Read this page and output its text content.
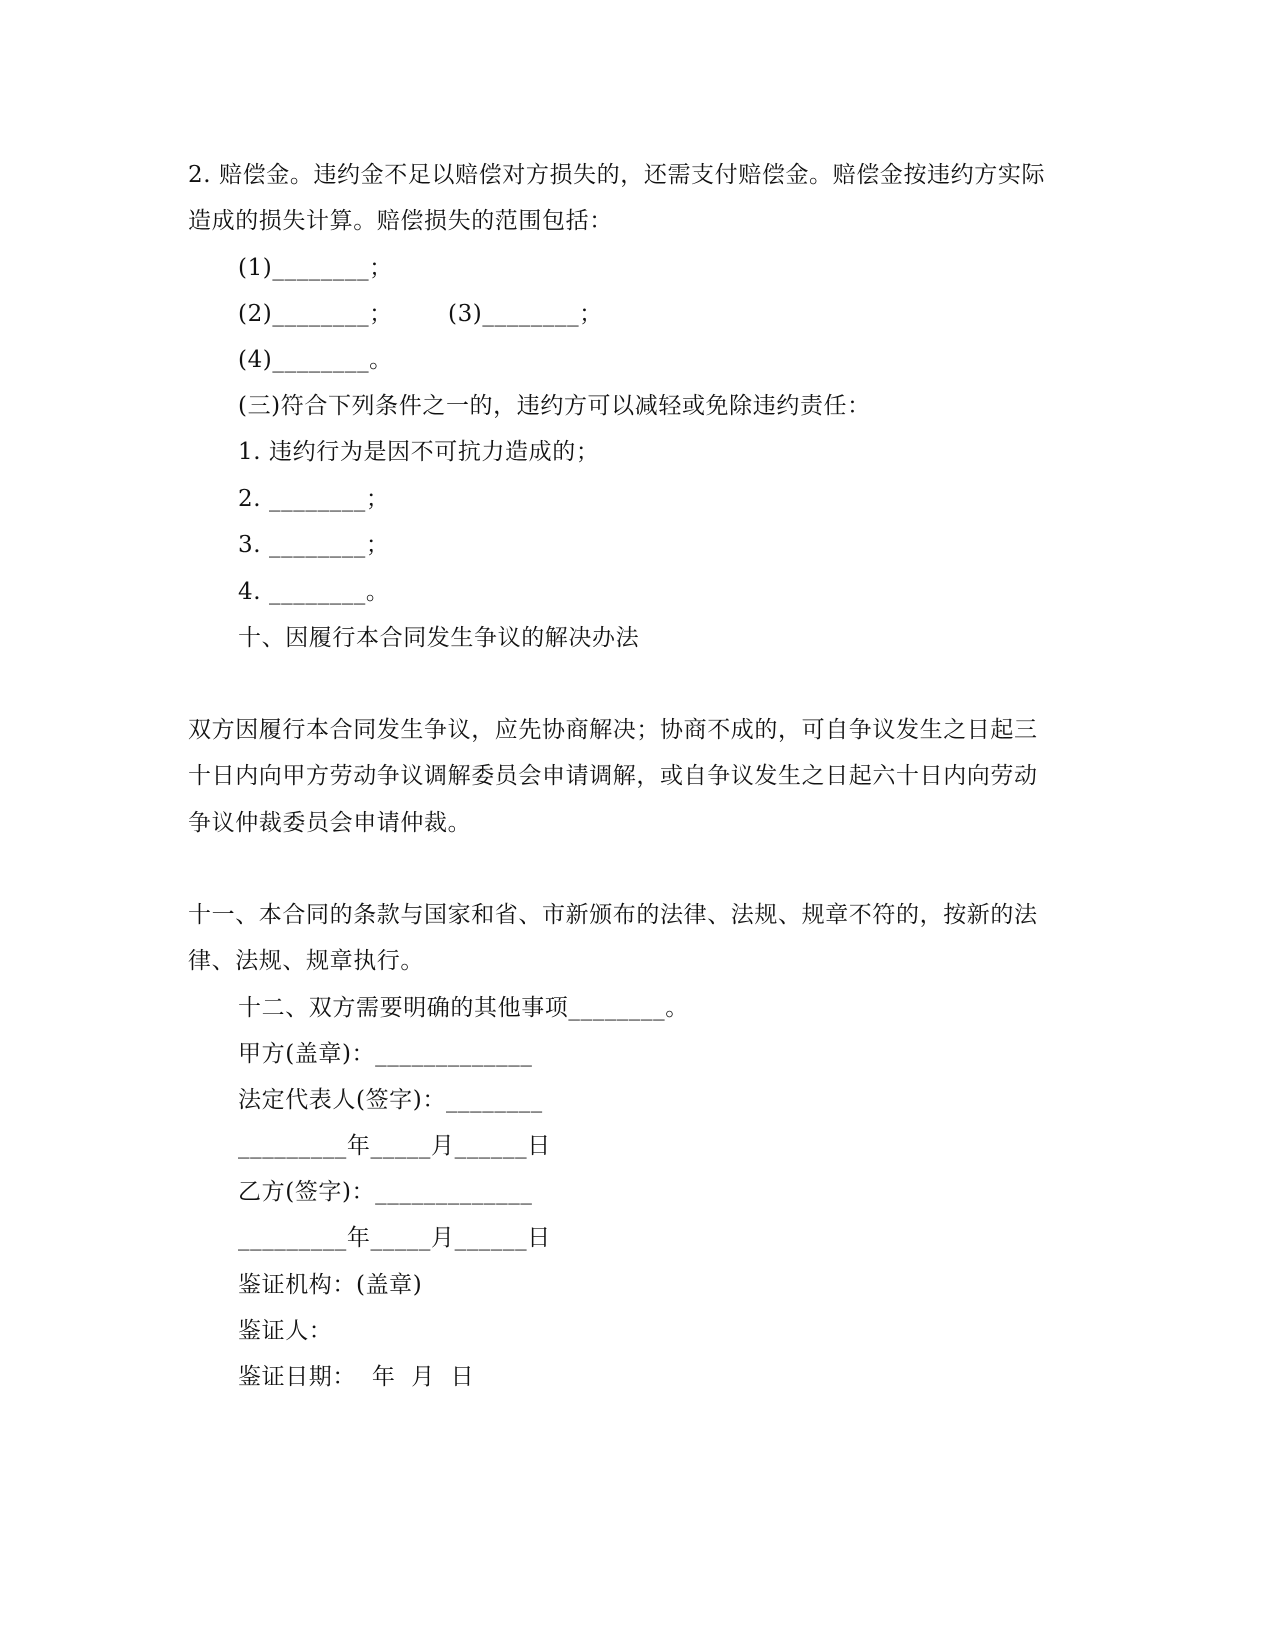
2. 赔偿金。违约金不足以赔偿对方损失的，还需支付赔偿金。赔偿金按违约方实际
造成的损失计算。赔偿损失的范围包括：
(1)________；
(2)________； (3)________；
(4)________。
(三)符合下列条件之一的，违约方可以减轻或免除违约责任：
1. 违约行为是因不可抗力造成的；
2. ________；
3. ________；
4. ________。
十、因履行本合同发生争议的解决办法
双方因履行本合同发生争议，应先协商解决；协商不成的，可自争议发生之日起三
十日内向甲方劳动争议调解委员会申请调解，或自争议发生之日起六十日内向劳动
争议仲裁委员会申请仲裁。
十一、本合同的条款与国家和省、市新颁布的法律、法规、规章不符的，按新的法
律、法规、规章执行。
十二、双方需要明确的其他事项________。
甲方(盖章)：_____________
法定代表人(签字)：________
_________年_____月______日
乙方(签字)：_____________
_________年_____月______日
鉴证机构：(盖章)
鉴证人：
鉴证日期：  年  月  日
